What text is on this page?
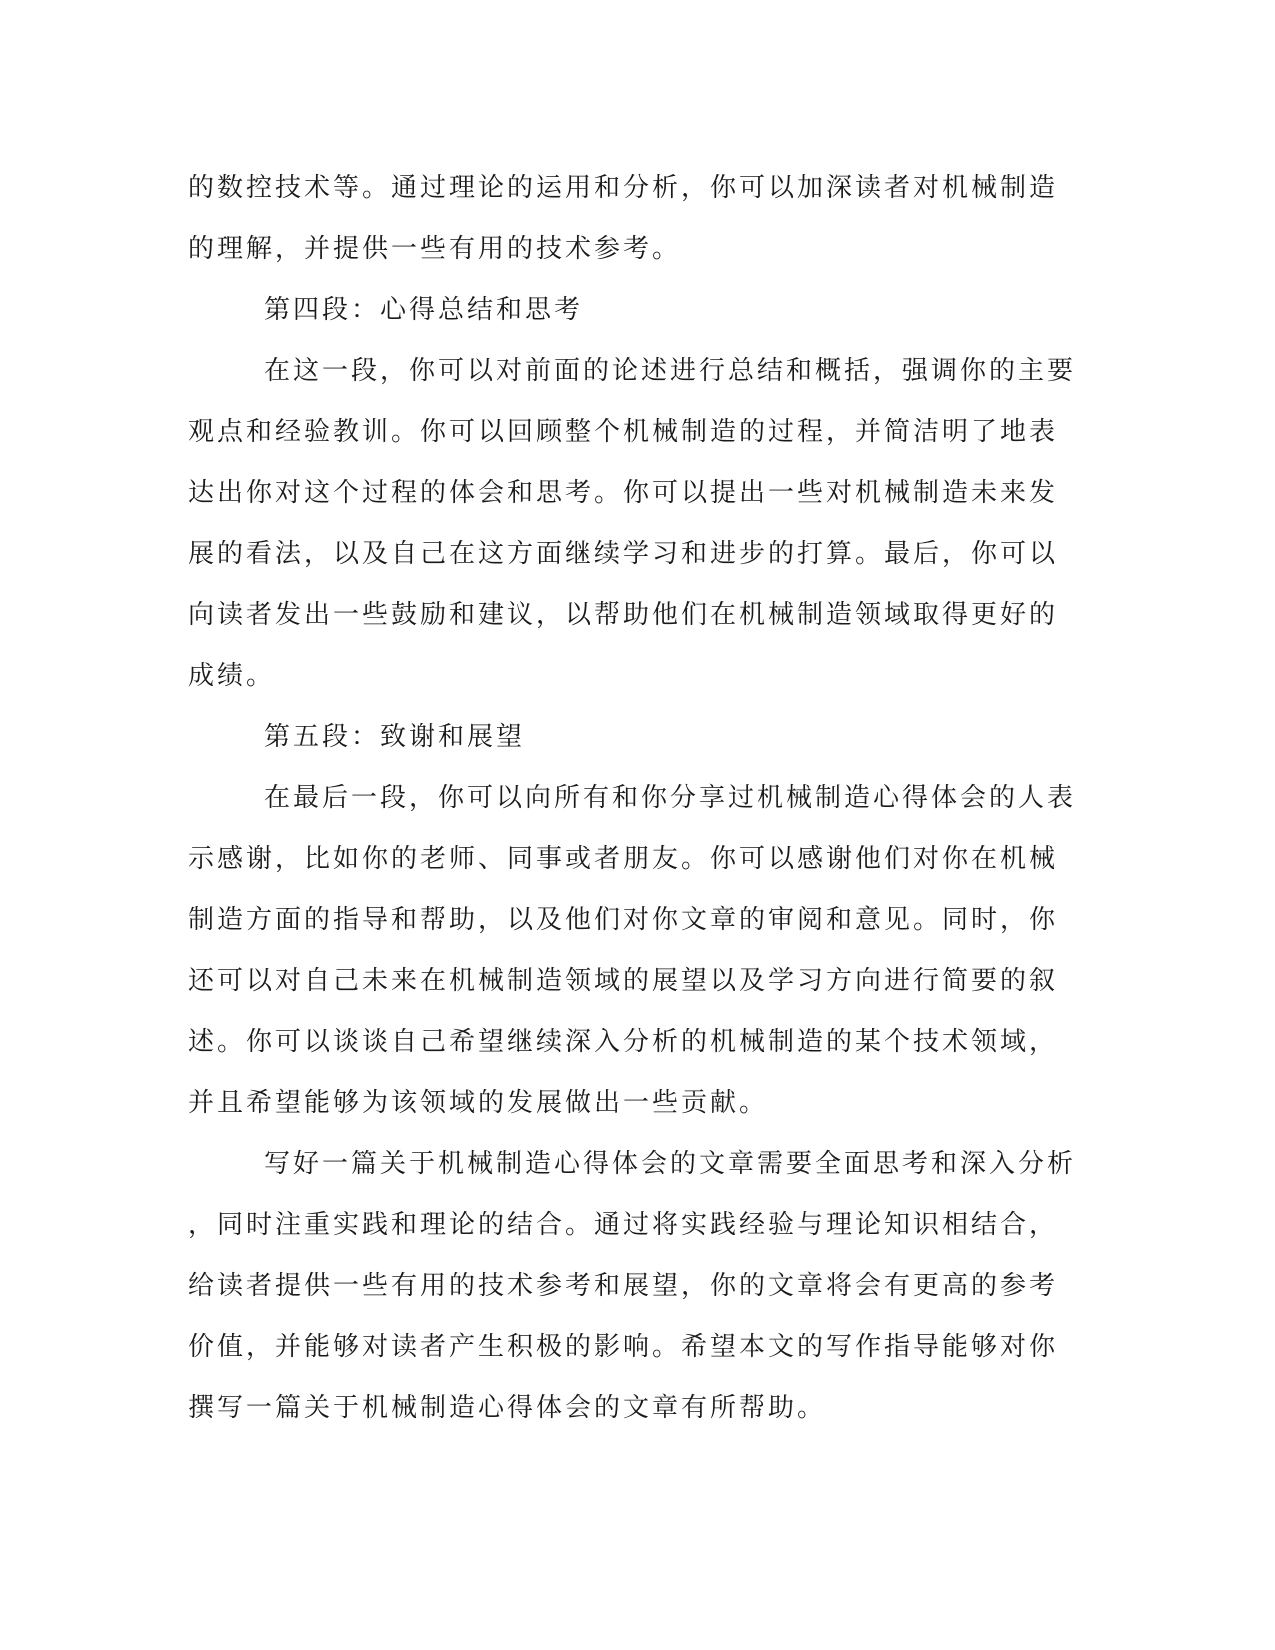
的数控技术等。通过理论的运用和分析，你可以加深读者对机械制造
的理解，并提供一些有用的技术参考。
第四段：心得总结和思考
在这一段，你可以对前面的论述进行总结和概括，强调你的主要
观点和经验教训。你可以回顾整个机械制造的过程，并简洁明了地表
达出你对这个过程的体会和思考。你可以提出一些对机械制造未来发
展的看法，以及自己在这方面继续学习和进步的打算。最后，你可以
向读者发出一些鼓励和建议，以帮助他们在机械制造领域取得更好的
成绩。
第五段：致谢和展望
在最后一段，你可以向所有和你分享过机械制造心得体会的人表
示感谢，比如你的老师、同事或者朋友。你可以感谢他们对你在机械
制造方面的指导和帮助，以及他们对你文章的审阅和意见。同时，你
还可以对自己未来在机械制造领域的展望以及学习方向进行简要的叙
述。你可以谈谈自己希望继续深入分析的机械制造的某个技术领域，
并且希望能够为该领域的发展做出一些贡献。
写好一篇关于机械制造心得体会的文章需要全面思考和深入分析
，同时注重实践和理论的结合。通过将实践经验与理论知识相结合，
给读者提供一些有用的技术参考和展望，你的文章将会有更高的参考
价值，并能够对读者产生积极的影响。希望本文的写作指导能够对你
撰写一篇关于机械制造心得体会的文章有所帮助。
